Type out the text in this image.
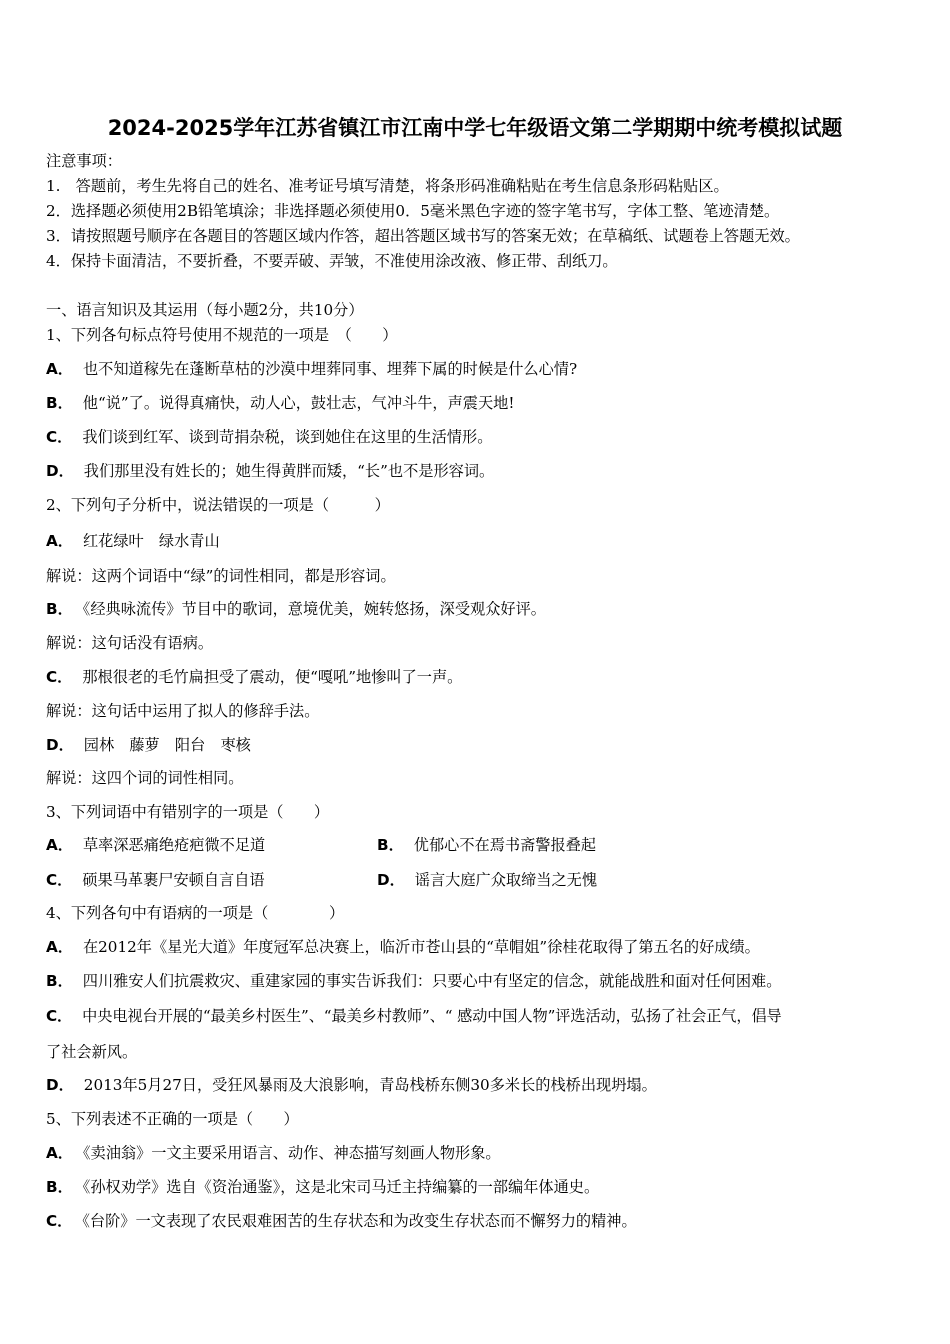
2024-2025学年江苏省镇江市江南中学七年级语文第二学期期中统考模拟试题
注意事项：
1.　答题前，考生先将自己的姓名、准考证号填写清楚，将条形码准确粘贴在考生信息条形码粘贴区。
2．选择题必须使用2B铅笔填涂；非选择题必须使用0．5毫米黑色字迹的签字笔书写，字体工整、笔迹清楚。
3．请按照题号顺序在各题目的答题区域内作答，超出答题区域书写的答案无效；在草稿纸、试题卷上答题无效。
4．保持卡面清洁，不要折叠，不要弄破、弄皱，不准使用涂改液、修正带、刮纸刀。
一、语言知识及其运用（每小题2分，共10分）
1、下列各句标点符号使用不规范的一项是　（　　）
A． 也不知道稼先在蓬断草枯的沙漠中埋葬同事、埋葬下属的时候是什么心情?
B． 他“说”了。说得真痛快，动人心，鼓壮志，气冲斗牛，声震天地!
C． 我们谈到红军、谈到苛捐杂税，谈到她住在这里的生活情形。
D． 我们那里没有姓长的；她生得黄胖而矮，“长”也不是形容词。
2、下列句子分析中，说法错误的一项是（　　　）
A． 红花绿叶　绿水青山
解说：这两个词语中“绿”的词性相同，都是形容词。
B． 《经典咏流传》节目中的歌词，意境优美，婉转悠扬，深受观众好评。
解说：这句话没有语病。
C． 那根很老的毛竹扁担受了震动，便“嘎吼”地惨叫了一声。
解说：这句话中运用了拟人的修辞手法。
D． 园林　藤萝　阳台　枣核
解说：这四个词的词性相同。
3、下列词语中有错别字的一项是（　　）
A． 草率深恶痛绝疮疤微不足道	B． 优郁心不在焉书斋警报叠起
C． 硕果马革裹尸安顿自言自语	D． 谣言大庭广众取缔当之无愧
4、下列各句中有语病的一项是（　　　　）
A． 在2012年《星光大道》年度冠军总决赛上，临沂市苍山县的“草帽姐”徐桂花取得了第五名的好成绩。
B． 四川雅安人们抗震救灾、重建家园的事实告诉我们：只要心中有坚定的信念，就能战胜和面对任何困难。
C． 中央电视台开展的“最美乡村医生”、“最美乡村教师”、“ 感动中国人物”评选活动，弘扬了社会正气，倡导
了社会新风。
D． 2013年5月27日，受狂风暴雨及大浪影响，青岛栈桥东侧30多米长的栈桥出现坍塌。
5、下列表述不正确的一项是（　　）
A． 《卖油翁》一文主要采用语言、动作、神态描写刻画人物形象。
B． 《孙权劝学》选自《资治通鉴》，这是北宋司马迁主持编纂的一部编年体通史。
C． 《台阶》一文表现了农民艰难困苦的生存状态和为改变生存状态而不懈努力的精神。
